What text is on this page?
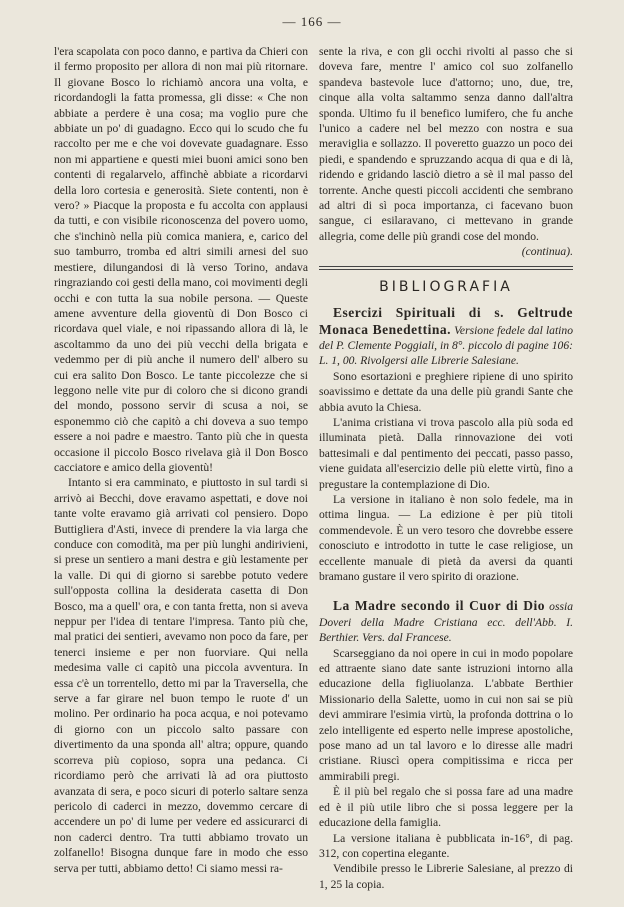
— 166 —

l'era scapolata con poco danno, e partiva da Chieri con il fermo proposito per allora di non mai più ritornare. Il giovane Bosco lo richiamò ancora una volta, e ricordandogli la fatta promessa, gli disse: « Che non abbiate a perdere è una cosa; ma voglio pure che abbiate un po' di guadagno. Ecco qui lo scudo che fu raccolto per me e che voi dovevate guadagnare. Esso non mi appartiene e questi miei buoni amici sono ben contenti di regalarvelo, affinchè abbiate a ricordarvi della loro cortesia e generosità. Siete contenti, non è vero? » Piacque la proposta e fu accolta con applausi da tutti, e con visibile riconoscenza del povero uomo, che s'inchinò nella più comica maniera, e, carico del suo tamburro, tromba ed altri simili arnesi del suo mestiere, dilungandosi di là verso Torino, andava ringraziando coi gesti della mano, coi movimenti degli occhi e con tutta la sua nobile persona. — Queste amene avventure della gioventù di Don Bosco ci ricordava quel viale, e noi ripassando allora di là, le ascoltammo da uno dei più vecchi della brigata e vedemmo per di più anche il numero dell' albero su cui era salito Don Bosco. Le tante piccolezze che si leggono nelle vite pur di coloro che si dicono grandi del mondo, possono servir di scusa a noi, se esponemmo ciò che capitò a chi doveva a suo tempo essere a noi padre e maestro. Tanto più che in questa occasione il piccolo Bosco rivelava già il Don Bosco cacciatore e amico della gioventù!

Intanto si era camminato, e piuttosto in sul tardi si arrivò ai Becchi, dove eravamo aspettati, e dove noi tante volte eravamo già arrivati col pensiero. Dopo Buttigliera d'Asti, invece di prendere la via larga che conduce con comodità, ma per più lunghi andirivieni, si prese un sentiero a mani destra e giù lestamente per la valle. Di qui di giorno si sarebbe potuto vedere sull'opposta collina la desiderata casetta di Don Bosco, ma a quell' ora, e con tanta fretta, non si aveva neppur per l'idea di tentare l'impresa. Tanto più che, mal pratici dei sentieri, avevamo non poco da fare, per tenerci insieme e per non fuorviare. Qui nella medesima valle ci capitò una piccola avventura. In essa c'è un torrentello, detto mi par la Traversella, che serve a far girare nel buon tempo le ruote d' un molino. Per ordinario ha poca acqua, e noi potevamo di giorno con un piccolo salto passare con divertimento da una sponda all' altra; oppure, quando scorreva più copioso, sopra una pedanca. Ci ricordiamo però che arrivati là ad ora piuttosto avanzata di sera, e poco sicuri di poterlo saltare senza pericolo di caderci in mezzo, dovemmo cercare di accendere un po' di lume per vedere ed assicurarci di non caderci dentro. Tra tutti abbiamo trovato un zolfanello! Bisogna dunque fare in modo che esso serva per tutti, abbiamo detto! Ci siamo messi ra-

sente la riva, e con gli occhi rivolti al passo che si doveva fare, mentre l' amico col suo zolfanello spandeva bastevole luce d'attorno; uno, due, tre, cinque alla volta saltammo senza danno dall'altra sponda. Ultimo fu il benefico lumifero, che fu anche l'unico a cadere nel bel mezzo con nostra e sua meraviglia e sollazzo. Il poveretto guazzo un poco dei piedi, e spandendo e spruzzando acqua di qua e di là, ridendo e gridando lasciò dietro a sè il mal passo del torrente. Anche questi piccoli accidenti che sembrano ad altri di sì poca importanza, ci facevano buon sangue, ci esilaravano, ci mettevano in grande allegria, come delle più grandi cose del mondo.

(continua).

BIBLIOGRAFIA

Esercizi Spirituali di s. Geltrude Monaca Benedettina. Versione fedele dal latino del P. Clemente Poggiali, in 8°. piccolo di pagine 106: L. 1, 00. Rivolgersi alle Librerie Salesiane.

Sono esortazioni e preghiere ripiene di uno spirito soavissimo e dettate da una delle più grandi Sante che abbia avuto la Chiesa.

L'anima cristiana vi trova pascolo alla più soda ed illuminata pietà. Dalla rinnovazione dei voti battesimali e dal pentimento dei peccati, passo passo, viene guidata all'esercizio delle più elette virtù, fino a pregustare la contemplazione di Dio.

La versione in italiano è non solo fedele, ma in ottima lingua. — La edizione è per più titoli commendevole. È un vero tesoro che dovrebbe essere conosciuto e introdotto in tutte le case religiose, un eccellente manuale di pietà da aversi da quanti bramano gustare il vero spirito di orazione.

La Madre secondo il Cuor di Dio ossia Doveri della Madre Cristiana ecc. dell'Abb. I. Berthier. Vers. dal Francese.

Scarseggiano da noi opere in cui in modo popolare ed attraente siano date sante istruzioni intorno alla educazione della figliuolanza. L'abbate Berthier Missionario della Salette, uomo in cui non sai se più devi ammirare l'esimia virtù, la profonda dottrina o lo zelo intelligente ed esperto nelle imprese apostoliche, pose mano ad un tal lavoro e lo diresse alle madri cristiane. Riuscì opera compitissima e ricca per ammirabili pregi.

È il più bel regalo che si possa fare ad una madre ed è il più utile libro che si possa leggere per la educazione della famiglia.

La versione italiana è pubblicata in-16°, di pag. 312, con copertina elegante.

Vendibile presso le Librerie Salesiane, al prezzo di 1, 25 la copia.
